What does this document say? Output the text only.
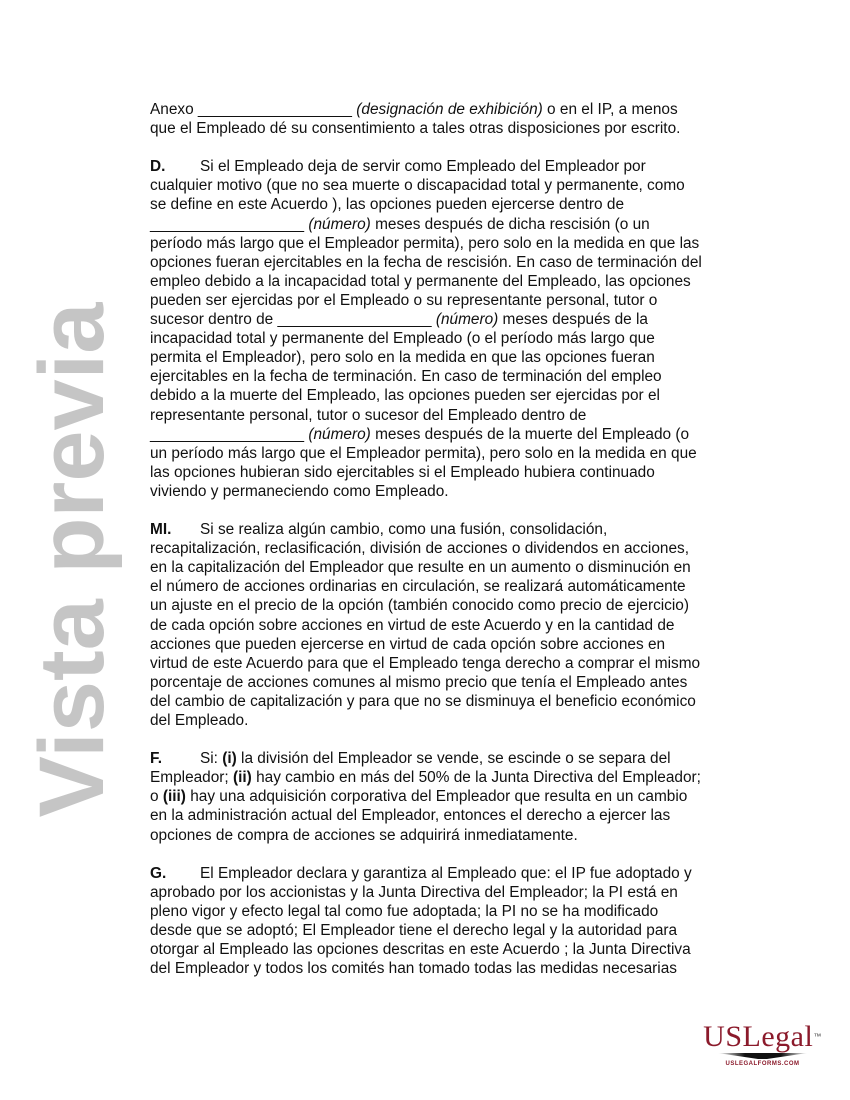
Anexo __________________ (designación de exhibición) o en el IP, a menos
que el Empleado dé su consentimiento a tales otras disposiciones por escrito.
D. Si el Empleado deja de servir como Empleado del Empleador por
cualquier motivo (que no sea muerte o discapacidad total y permanente, como
se define en este Acuerdo ), las opciones pueden ejercerse dentro de
__________________ (número) meses después de dicha rescisión (o un
período más largo que el Empleador permita), pero solo en la medida en que las
opciones fueran ejercitables en la fecha de rescisión. En caso de terminación del
empleo debido a la incapacidad total y permanente del Empleado, las opciones
pueden ser ejercidas por el Empleado o su representante personal, tutor o
sucesor dentro de __________________ (número) meses después de la
incapacidad total y permanente del Empleado (o el período más largo que
permita el Empleador), pero solo en la medida en que las opciones fueran
ejercitables en la fecha de terminación. En caso de terminación del empleo
debido a la muerte del Empleado, las opciones pueden ser ejercidas por el
representante personal, tutor o sucesor del Empleado dentro de
__________________ (número) meses después de la muerte del Empleado (o
un período más largo que el Empleador permita), pero solo en la medida en que
las opciones hubieran sido ejercitables si el Empleado hubiera continuado
viviendo y permaneciendo como Empleado.
MI. Si se realiza algún cambio, como una fusión, consolidación,
recapitalización, reclasificación, división de acciones o dividendos en acciones,
en la capitalización del Empleador que resulte en un aumento o disminución en
el número de acciones ordinarias en circulación, se realizará automáticamente
un ajuste en el precio de la opción (también conocido como precio de ejercicio)
de cada opción sobre acciones en virtud de este Acuerdo y en la cantidad de
acciones que pueden ejercerse en virtud de cada opción sobre acciones en
virtud de este Acuerdo para que el Empleado tenga derecho a comprar el mismo
porcentaje de acciones comunes al mismo precio que tenía el Empleado antes
del cambio de capitalización y para que no se disminuya el beneficio económico
del Empleado.
F. Si: (i) la división del Empleador se vende, se escinde o se separa del
Empleador; (ii) hay cambio en más del 50% de la Junta Directiva del Empleador;
o (iii) hay una adquisición corporativa del Empleador que resulta en un cambio
en la administración actual del Empleador, entonces el derecho a ejercer las
opciones de compra de acciones se adquirirá inmediatamente.
G. El Empleador declara y garantiza al Empleado que: el IP fue adoptado y
aprobado por los accionistas y la Junta Directiva del Empleador; la PI está en
pleno vigor y efecto legal tal como fue adoptada; la PI no se ha modificado
desde que se adoptó; El Empleador tiene el derecho legal y la autoridad para
otorgar al Empleado las opciones descritas en este Acuerdo ; la Junta Directiva
del Empleador y todos los comités han tomado todas las medidas necesarias
Vista previa
USLegal™
USLEGALFORMS.COM
